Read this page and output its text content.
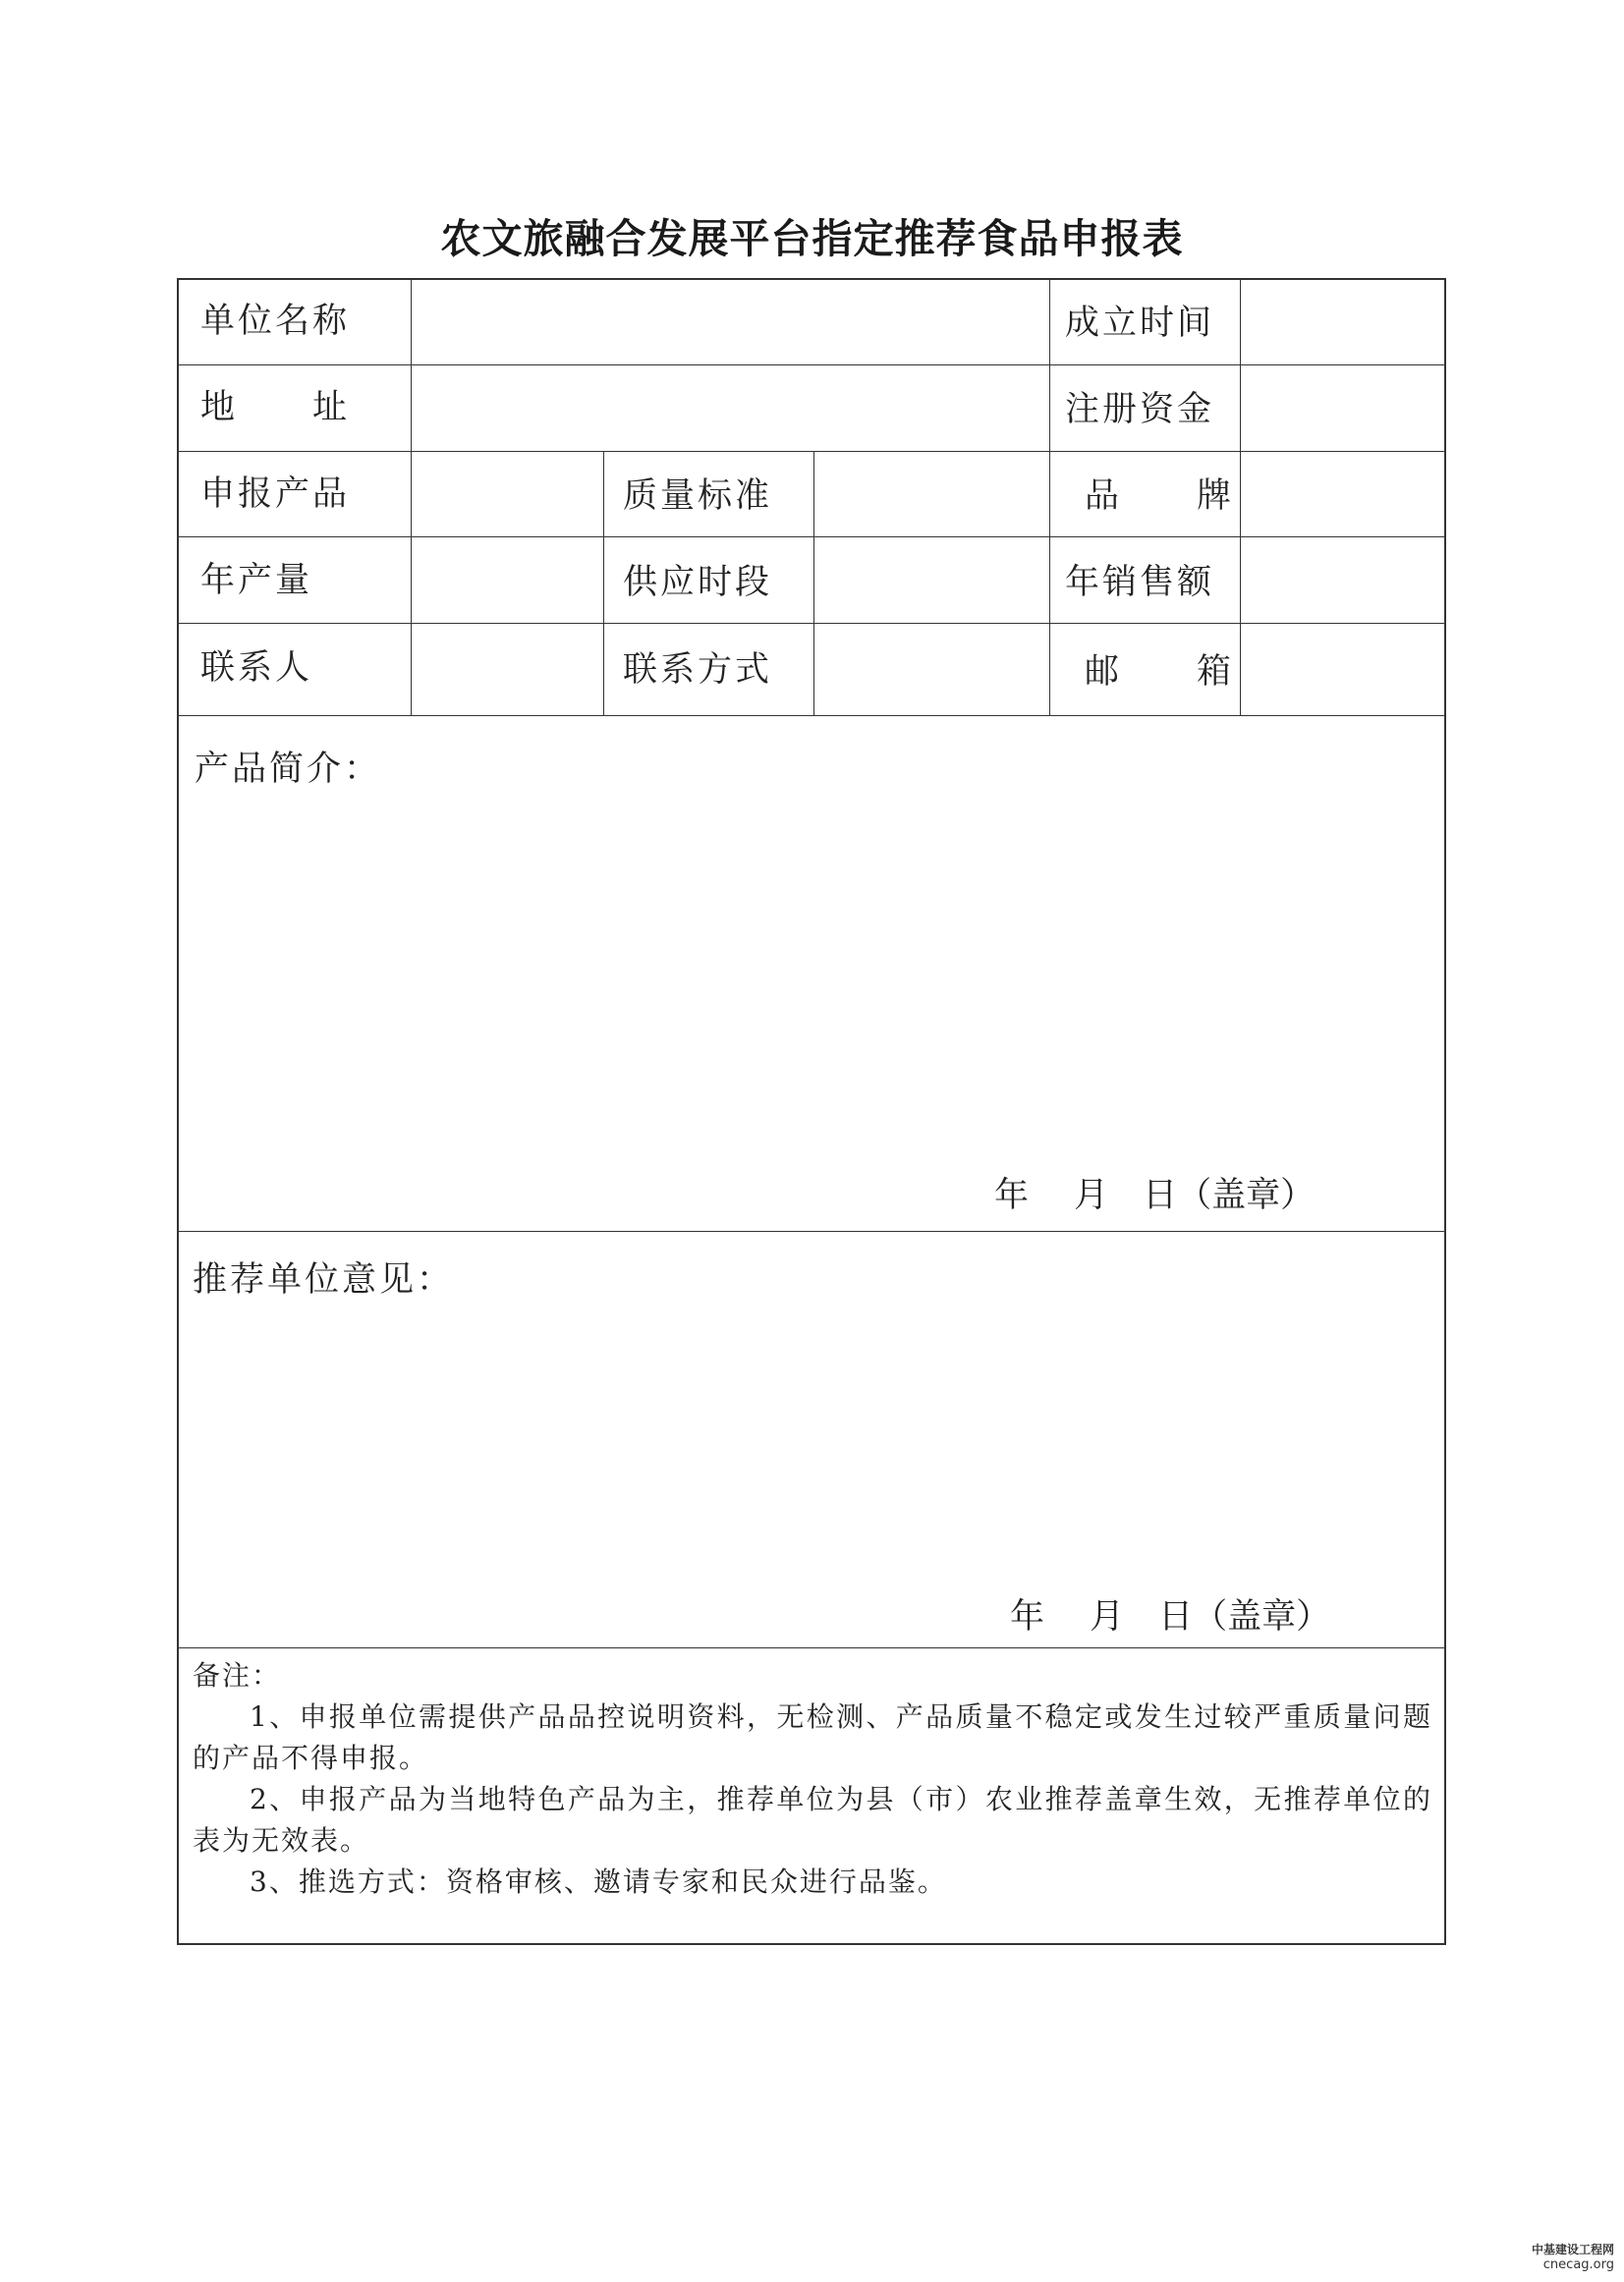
农文旅融合发展平台指定推荐食品申报表
单位名称	成立时间
地　　址	注册资金
申报产品	质量标准	品　　牌
年产量	供应时段	年销售额
联系人	联系方式	邮　　箱
产品简介：
年　 月　日（盖章）
推荐单位意见：
年　 月　日（盖章）
备注：
1、申报单位需提供产品品控说明资料，无检测、产品质量不稳定或发生过较严重质量问题的产品不得申报。
2、申报产品为当地特色产品为主，推荐单位为县（市）农业推荐盖章生效，无推荐单位的表为无效表。
3、推选方式：资格审核、邀请专家和民众进行品鉴。
中基建设工程网
cnecag.org
